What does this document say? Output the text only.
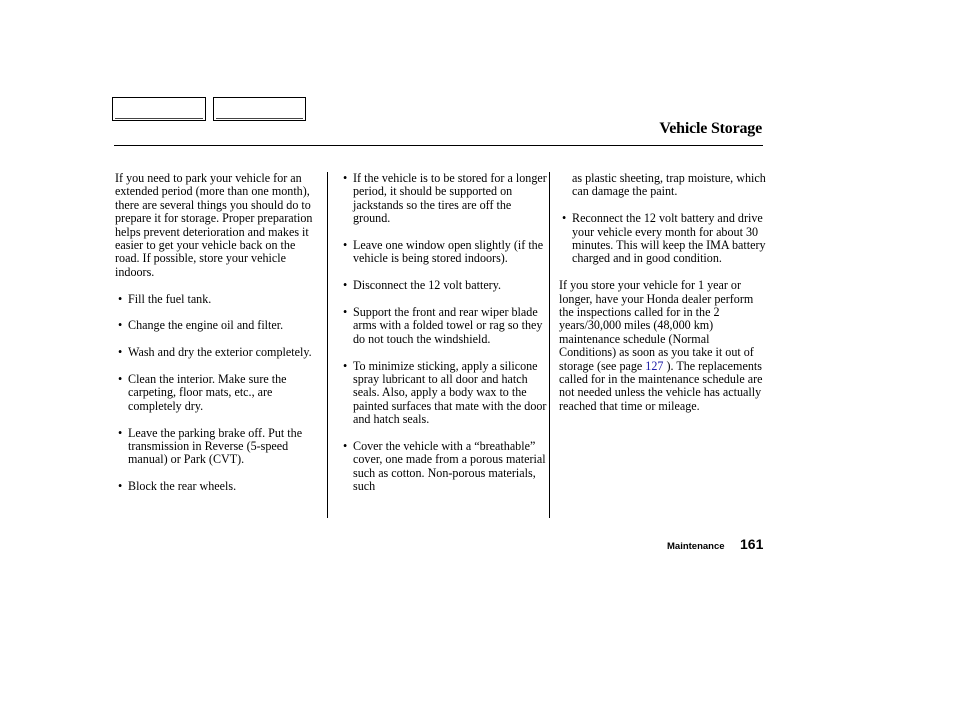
Vehicle Storage

If you need to park your vehicle for an extended period (more than one month), there are several things you should do to prepare it for storage. Proper preparation helps prevent deterioration and makes it easier to get your vehicle back on the road. If possible, store your vehicle indoors.

• Fill the fuel tank.
• Change the engine oil and filter.
• Wash and dry the exterior completely.
• Clean the interior. Make sure the carpeting, floor mats, etc., are completely dry.
• Leave the parking brake off. Put the transmission in Reverse (5-speed manual) or Park (CVT).
• Block the rear wheels.
• If the vehicle is to be stored for a longer period, it should be supported on jackstands so the tires are off the ground.
• Leave one window open slightly (if the vehicle is being stored indoors).
• Disconnect the 12 volt battery.
• Support the front and rear wiper blade arms with a folded towel or rag so they do not touch the windshield.
• To minimize sticking, apply a silicone spray lubricant to all door and hatch seals. Also, apply a body wax to the painted surfaces that mate with the door and hatch seals.
• Cover the vehicle with a “breathable” cover, one made from a porous material such as cotton. Non-porous materials, such
as plastic sheeting, trap moisture, which can damage the paint.
• Reconnect the 12 volt battery and drive your vehicle every month for about 30 minutes. This will keep the IMA battery charged and in good condition.

If you store your vehicle for 1 year or longer, have your Honda dealer perform the inspections called for in the 2 years/30,000 miles (48,000 km) maintenance schedule (Normal Conditions) as soon as you take it out of storage (see page 127 ). The replacements called for in the maintenance schedule are not needed unless the vehicle has actually reached that time or mileage.

Maintenance 161
